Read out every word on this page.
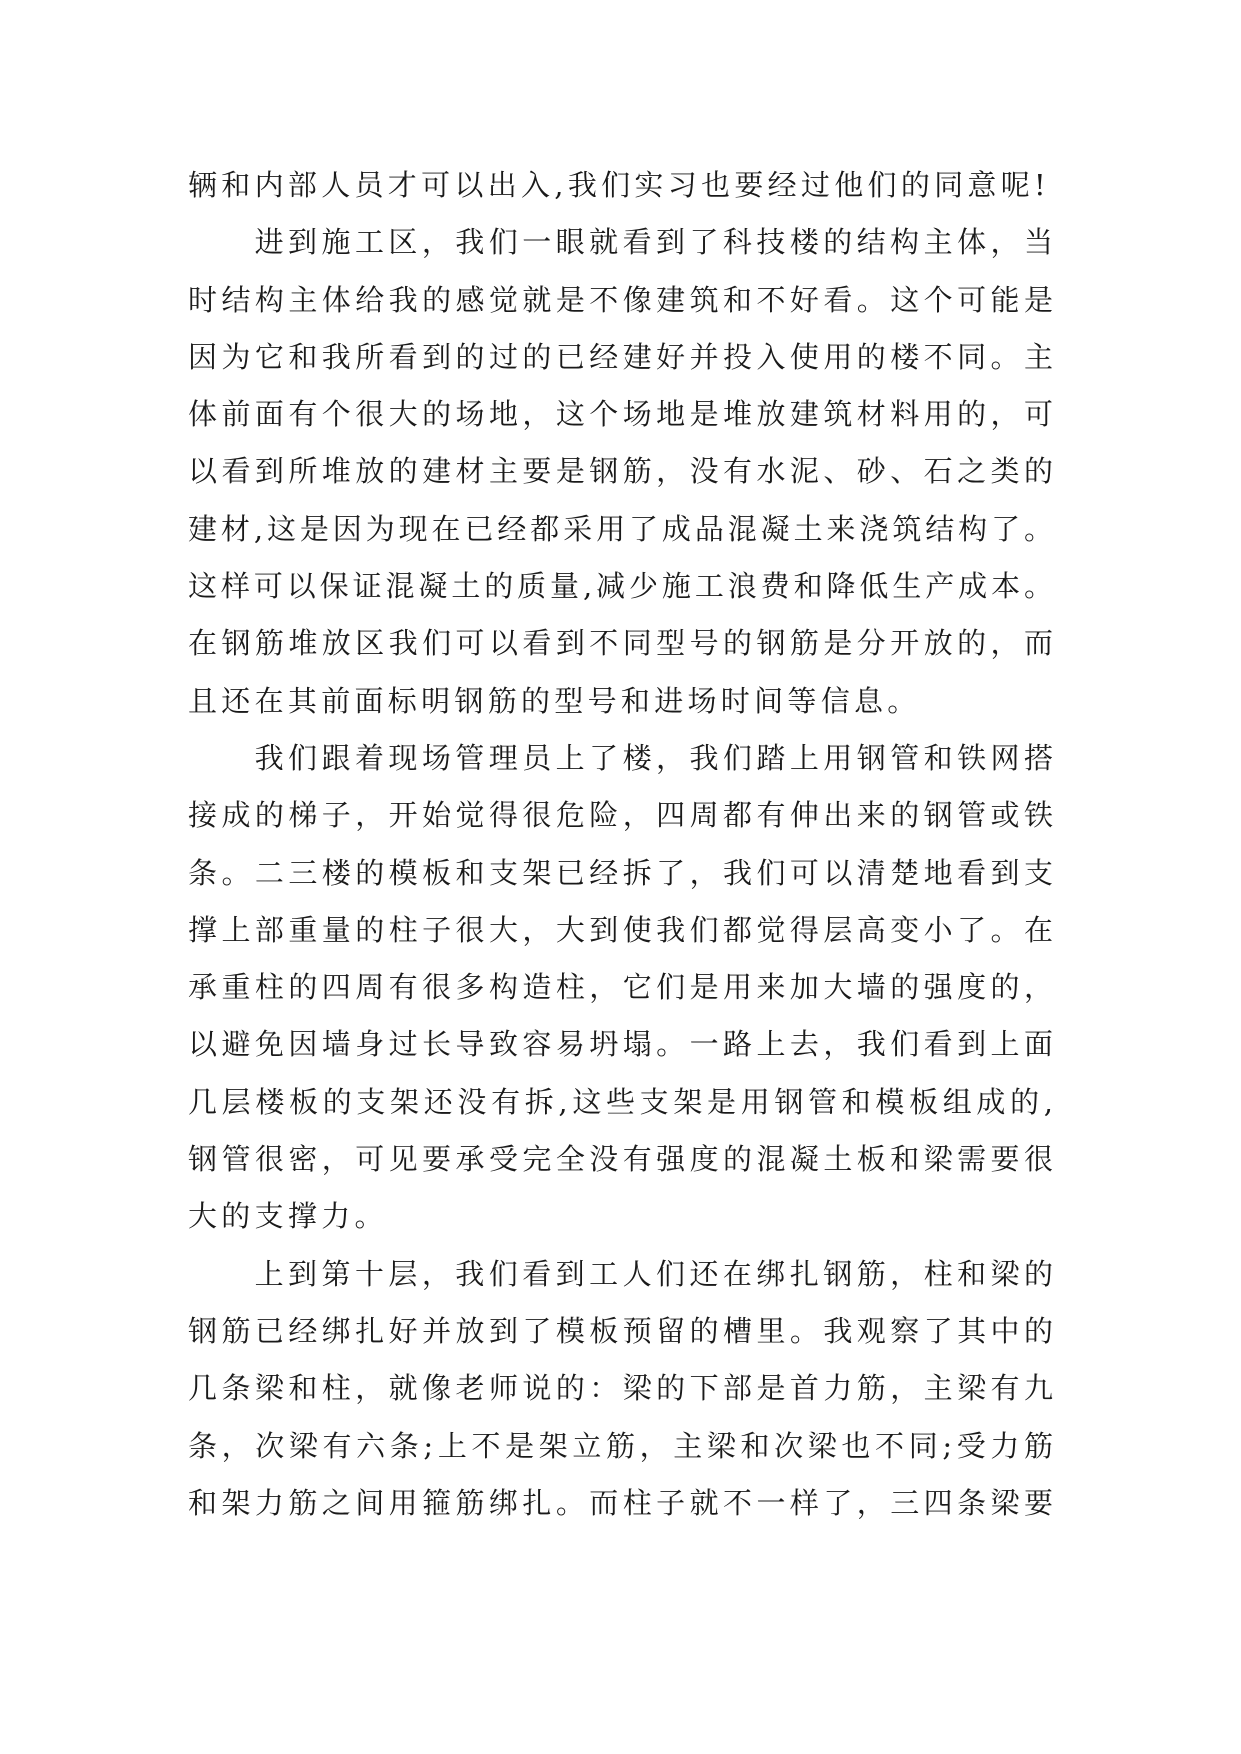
辆和内部人员才可以出入,我们实习也要经过他们的同意呢!
进到施工区，我们一眼就看到了科技楼的结构主体，当
时结构主体给我的感觉就是不像建筑和不好看。这个可能是
因为它和我所看到的过的已经建好并投入使用的楼不同。主
体前面有个很大的场地，这个场地是堆放建筑材料用的，可
以看到所堆放的建材主要是钢筋，没有水泥、砂、石之类的
建材,这是因为现在已经都采用了成品混凝土来浇筑结构了。
这样可以保证混凝土的质量,减少施工浪费和降低生产成本。
在钢筋堆放区我们可以看到不同型号的钢筋是分开放的，而
且还在其前面标明钢筋的型号和进场时间等信息。
我们跟着现场管理员上了楼，我们踏上用钢管和铁网搭
接成的梯子，开始觉得很危险，四周都有伸出来的钢管或铁
条。二三楼的模板和支架已经拆了，我们可以清楚地看到支
撑上部重量的柱子很大，大到使我们都觉得层高变小了。在
承重柱的四周有很多构造柱，它们是用来加大墙的强度的，
以避免因墙身过长导致容易坍塌。一路上去，我们看到上面
几层楼板的支架还没有拆,这些支架是用钢管和模板组成的,
钢管很密，可见要承受完全没有强度的混凝土板和梁需要很
大的支撑力。
上到第十层，我们看到工人们还在绑扎钢筋，柱和梁的
钢筋已经绑扎好并放到了模板预留的槽里。我观察了其中的
几条梁和柱，就像老师说的：梁的下部是首力筋，主梁有九
条，次梁有六条;上不是架立筋，主梁和次梁也不同;受力筋
和架力筋之间用箍筋绑扎。而柱子就不一样了，三四条梁要
